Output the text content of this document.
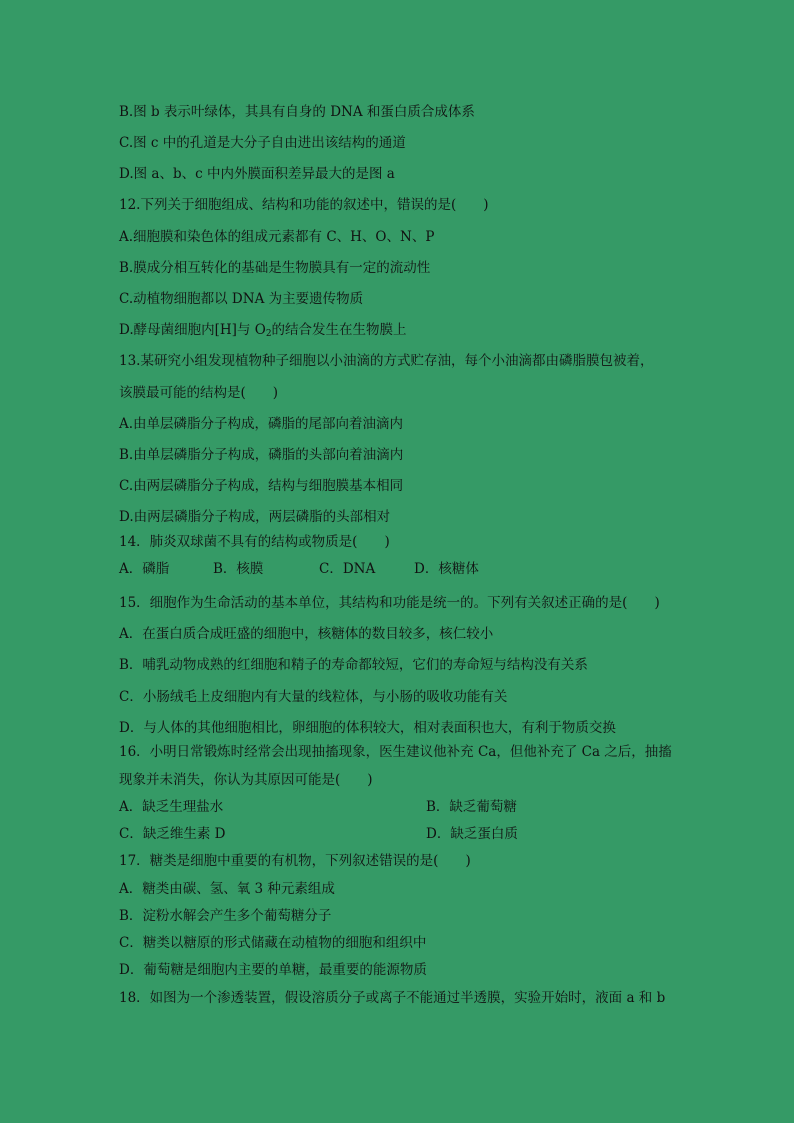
B.图 b 表示叶绿体，其具有自身的 DNA 和蛋白质合成体系
C.图 c 中的孔道是大分子自由进出该结构的通道
D.图 a、b、c 中内外膜面积差异最大的是图 a
12.下列关于细胞组成、结构和功能的叙述中，错误的是(　　)
A.细胞膜和染色体的组成元素都有 C、H、O、N、P
B.膜成分相互转化的基础是生物膜具有一定的流动性
C.动植物细胞都以 DNA 为主要遗传物质
D.酵母菌细胞内[H]与 $O_2$的结合发生在生物膜上
13.某研究小组发现植物种子细胞以小油滴的方式贮存油，每个小油滴都由磷脂膜包被着，
该膜最可能的结构是(　　)
A.由单层磷脂分子构成，磷脂的尾部向着油滴内
B.由单层磷脂分子构成，磷脂的头部向着油滴内
C.由两层磷脂分子构成，结构与细胞膜基本相同
D.由两层磷脂分子构成，两层磷脂的头部相对
14．肺炎双球菌不具有的结构或物质是(　　)
A．磷脂	B．核膜	C．DNA	D．核糖体
15．细胞作为生命活动的基本单位，其结构和功能是统一的。下列有关叙述正确的是(　　)
A．在蛋白质合成旺盛的细胞中，核糖体的数目较多，核仁较小
B．哺乳动物成熟的红细胞和精子的寿命都较短，它们的寿命短与结构没有关系
C．小肠绒毛上皮细胞内有大量的线粒体，与小肠的吸收功能有关
D．与人体的其他细胞相比，卵细胞的体积较大，相对表面积也大，有利于物质交换
16．小明日常锻炼时经常会出现抽搐现象，医生建议他补充 Ca，但他补充了 Ca 之后，抽搐
现象并未消失，你认为其原因可能是(　　)
A．缺乏生理盐水	B．缺乏葡萄糖
C．缺乏维生素 D	D．缺乏蛋白质
17．糖类是细胞中重要的有机物，下列叙述错误的是(　　)
A．糖类由碳、氢、氧 3 种元素组成
B．淀粉水解会产生多个葡萄糖分子
C．糖类以糖原的形式储藏在动植物的细胞和组织中
D．葡萄糖是细胞内主要的单糖，最重要的能源物质
18．如图为一个渗透装置，假设溶质分子或离子不能通过半透膜，实验开始时，液面 a 和 b
